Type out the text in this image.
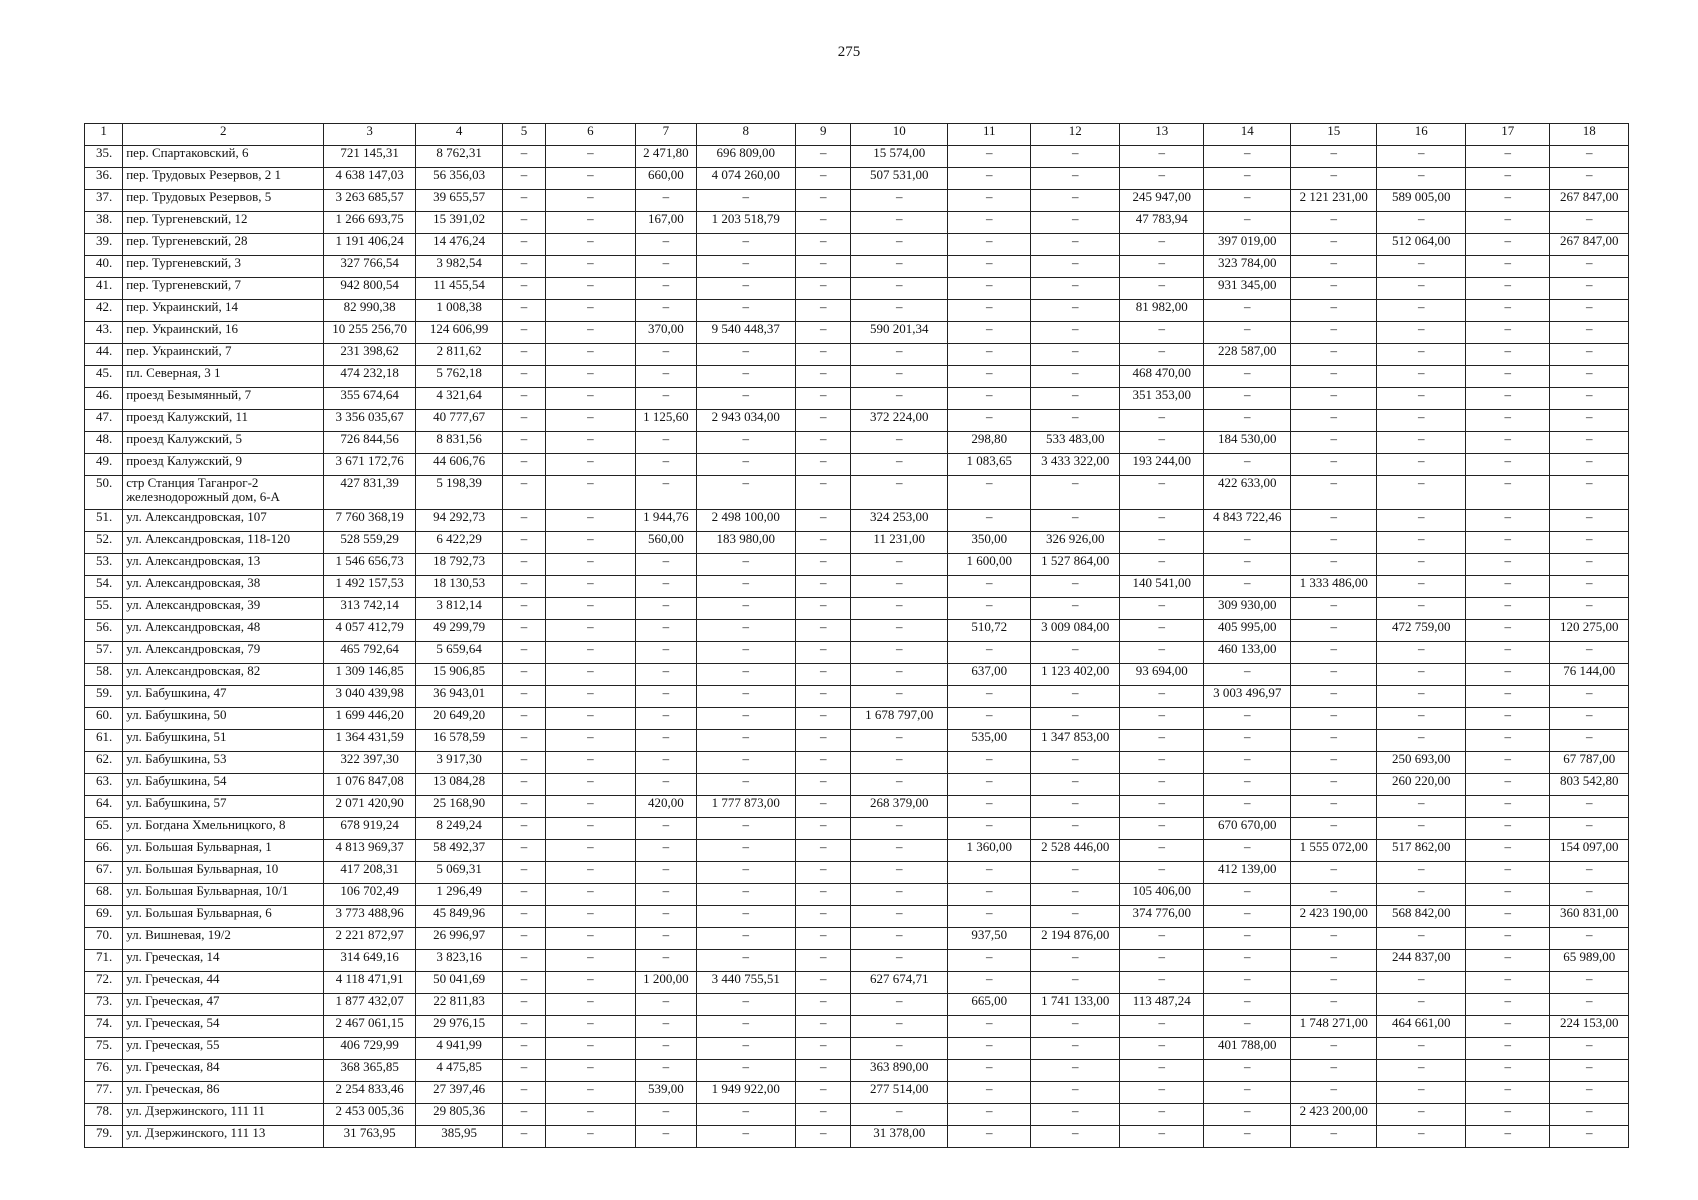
275
1	2	3	4	5	6	7	8	9	10	11	12	13	14	15	16	17	18
35.	пер. Спартаковский, 6	721 145,31	8 762,31	–	–	2 471,80	696 809,00	–	15 574,00	–	–	–	–	–	–	–	–
36.	пер. Трудовых Резервов, 2 1	4 638 147,03	56 356,03	–	–	660,00	4 074 260,00	–	507 531,00	–	–	–	–	–	–	–	–
37.	пер. Трудовых Резервов, 5	3 263 685,57	39 655,57	–	–	–	–	–	–	–	–	245 947,00	–	2 121 231,00	589 005,00	–	267 847,00
38.	пер. Тургеневский, 12	1 266 693,75	15 391,02	–	–	167,00	1 203 518,79	–	–	–	–	47 783,94	–	–	–	–	–
39.	пер. Тургеневский, 28	1 191 406,24	14 476,24	–	–	–	–	–	–	–	–	–	397 019,00	–	512 064,00	–	267 847,00
40.	пер. Тургеневский, 3	327 766,54	3 982,54	–	–	–	–	–	–	–	–	–	323 784,00	–	–	–	–
41.	пер. Тургеневский, 7	942 800,54	11 455,54	–	–	–	–	–	–	–	–	–	931 345,00	–	–	–	–
42.	пер. Украинский, 14	82 990,38	1 008,38	–	–	–	–	–	–	–	–	81 982,00	–	–	–	–	–
43.	пер. Украинский, 16	10 255 256,70	124 606,99	–	–	370,00	9 540 448,37	–	590 201,34	–	–	–	–	–	–	–	–
44.	пер. Украинский, 7	231 398,62	2 811,62	–	–	–	–	–	–	–	–	–	228 587,00	–	–	–	–
45.	пл. Северная, 3 1	474 232,18	5 762,18	–	–	–	–	–	–	–	–	468 470,00	–	–	–	–	–
46.	проезд Безымянный, 7	355 674,64	4 321,64	–	–	–	–	–	–	–	–	351 353,00	–	–	–	–	–
47.	проезд Калужский, 11	3 356 035,67	40 777,67	–	–	1 125,60	2 943 034,00	–	372 224,00	–	–	–	–	–	–	–	–
48.	проезд Калужский, 5	726 844,56	8 831,56	–	–	–	–	–	–	298,80	533 483,00	–	184 530,00	–	–	–	–
49.	проезд Калужский, 9	3 671 172,76	44 606,76	–	–	–	–	–	–	1 083,65	3 433 322,00	193 244,00	–	–	–	–	–
50.	стр Станция Таганрог-2 железнодорожный дом, 6-А	427 831,39	5 198,39	–	–	–	–	–	–	–	–	–	422 633,00	–	–	–	–
51.	ул. Александровская, 107	7 760 368,19	94 292,73	–	–	1 944,76	2 498 100,00	–	324 253,00	–	–	–	4 843 722,46	–	–	–	–
52.	ул. Александровская, 118-120	528 559,29	6 422,29	–	–	560,00	183 980,00	–	11 231,00	350,00	326 926,00	–	–	–	–	–	–
53.	ул. Александровская, 13	1 546 656,73	18 792,73	–	–	–	–	–	–	1 600,00	1 527 864,00	–	–	–	–	–	–
54.	ул. Александровская, 38	1 492 157,53	18 130,53	–	–	–	–	–	–	–	–	140 541,00	–	1 333 486,00	–	–	–
55.	ул. Александровская, 39	313 742,14	3 812,14	–	–	–	–	–	–	–	–	–	309 930,00	–	–	–	–
56.	ул. Александровская, 48	4 057 412,79	49 299,79	–	–	–	–	–	–	510,72	3 009 084,00	–	405 995,00	–	472 759,00	–	120 275,00
57.	ул. Александровская, 79	465 792,64	5 659,64	–	–	–	–	–	–	–	–	–	460 133,00	–	–	–	–
58.	ул. Александровская, 82	1 309 146,85	15 906,85	–	–	–	–	–	–	637,00	1 123 402,00	93 694,00	–	–	–	–	76 144,00
59.	ул. Бабушкина, 47	3 040 439,98	36 943,01	–	–	–	–	–	–	–	–	–	3 003 496,97	–	–	–	–
60.	ул. Бабушкина, 50	1 699 446,20	20 649,20	–	–	–	–	–	1 678 797,00	–	–	–	–	–	–	–	–
61.	ул. Бабушкина, 51	1 364 431,59	16 578,59	–	–	–	–	–	–	535,00	1 347 853,00	–	–	–	–	–	–
62.	ул. Бабушкина, 53	322 397,30	3 917,30	–	–	–	–	–	–	–	–	–	–	–	250 693,00	–	67 787,00
63.	ул. Бабушкина, 54	1 076 847,08	13 084,28	–	–	–	–	–	–	–	–	–	–	–	260 220,00	–	803 542,80
64.	ул. Бабушкина, 57	2 071 420,90	25 168,90	–	–	420,00	1 777 873,00	–	268 379,00	–	–	–	–	–	–	–	–
65.	ул. Богдана Хмельницкого, 8	678 919,24	8 249,24	–	–	–	–	–	–	–	–	–	670 670,00	–	–	–	–
66.	ул. Большая Бульварная, 1	4 813 969,37	58 492,37	–	–	–	–	–	–	1 360,00	2 528 446,00	–	–	1 555 072,00	517 862,00	–	154 097,00
67.	ул. Большая Бульварная, 10	417 208,31	5 069,31	–	–	–	–	–	–	–	–	–	412 139,00	–	–	–	–
68.	ул. Большая Бульварная, 10/1	106 702,49	1 296,49	–	–	–	–	–	–	–	–	105 406,00	–	–	–	–	–
69.	ул. Большая Бульварная, 6	3 773 488,96	45 849,96	–	–	–	–	–	–	–	–	374 776,00	–	2 423 190,00	568 842,00	–	360 831,00
70.	ул. Вишневая, 19/2	2 221 872,97	26 996,97	–	–	–	–	–	–	937,50	2 194 876,00	–	–	–	–	–	–
71.	ул. Греческая, 14	314 649,16	3 823,16	–	–	–	–	–	–	–	–	–	–	–	244 837,00	–	65 989,00
72.	ул. Греческая, 44	4 118 471,91	50 041,69	–	–	1 200,00	3 440 755,51	–	627 674,71	–	–	–	–	–	–	–	–
73.	ул. Греческая, 47	1 877 432,07	22 811,83	–	–	–	–	–	–	665,00	1 741 133,00	113 487,24	–	–	–	–	–
74.	ул. Греческая, 54	2 467 061,15	29 976,15	–	–	–	–	–	–	–	–	–	–	1 748 271,00	464 661,00	–	224 153,00
75.	ул. Греческая, 55	406 729,99	4 941,99	–	–	–	–	–	–	–	–	–	401 788,00	–	–	–	–
76.	ул. Греческая, 84	368 365,85	4 475,85	–	–	–	–	–	363 890,00	–	–	–	–	–	–	–	–
77.	ул. Греческая, 86	2 254 833,46	27 397,46	–	–	539,00	1 949 922,00	–	277 514,00	–	–	–	–	–	–	–	–
78.	ул. Дзержинского, 111 11	2 453 005,36	29 805,36	–	–	–	–	–	–	–	–	–	–	2 423 200,00	–	–	–
79.	ул. Дзержинского, 111 13	31 763,95	385,95	–	–	–	–	–	31 378,00	–	–	–	–	–	–	–	–
